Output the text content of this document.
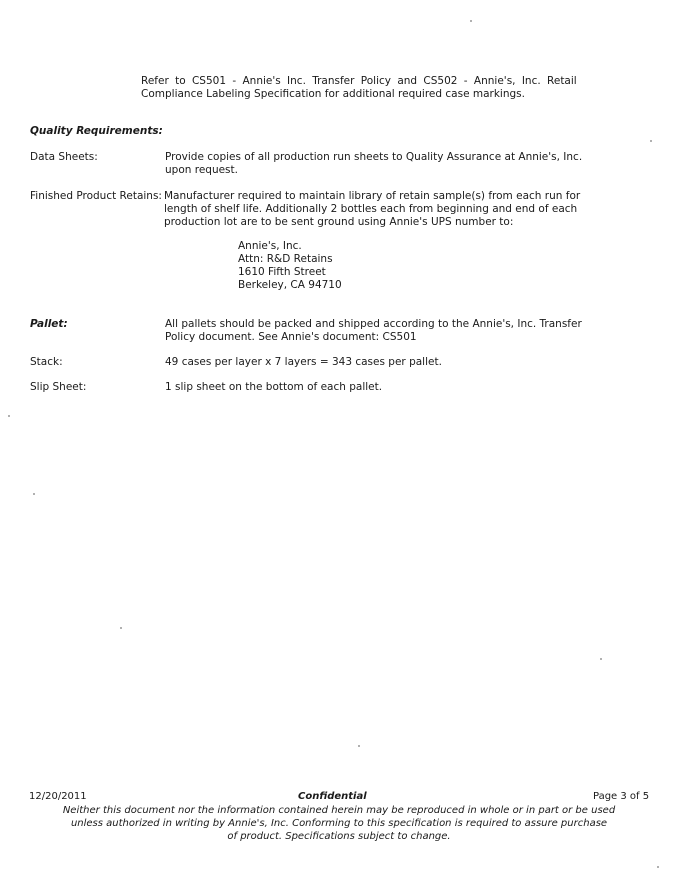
Refer to CS501 - Annie's Inc. Transfer Policy and CS502 - Annie's, Inc. Retail
Compliance Labeling Specification for additional required case markings.
Quality Requirements:
Data Sheets:	Provide copies of all production run sheets to Quality Assurance at Annie's, Inc.
upon request.
Finished Product Retains: Manufacturer required to maintain library of retain sample(s) from each run for
length of shelf life. Additionally 2 bottles each from beginning and end of each
production lot are to be sent ground using Annie's UPS number to:
Annie's, Inc.
Attn: R&D Retains
1610 Fifth Street
Berkeley, CA 94710
Pallet:	All pallets should be packed and shipped according to the Annie's, Inc. Transfer
Policy document. See Annie's document: CS501
Stack:	49 cases per layer x 7 layers = 343 cases per pallet.
Slip Sheet:	1 slip sheet on the bottom of each pallet.
12/20/2011	Confidential	Page 3 of 5
Neither this document nor the information contained herein may be reproduced in whole or in part or be used
unless authorized in writing by Annie's, Inc. Conforming to this specification is required to assure purchase
of product. Specifications subject to change.
